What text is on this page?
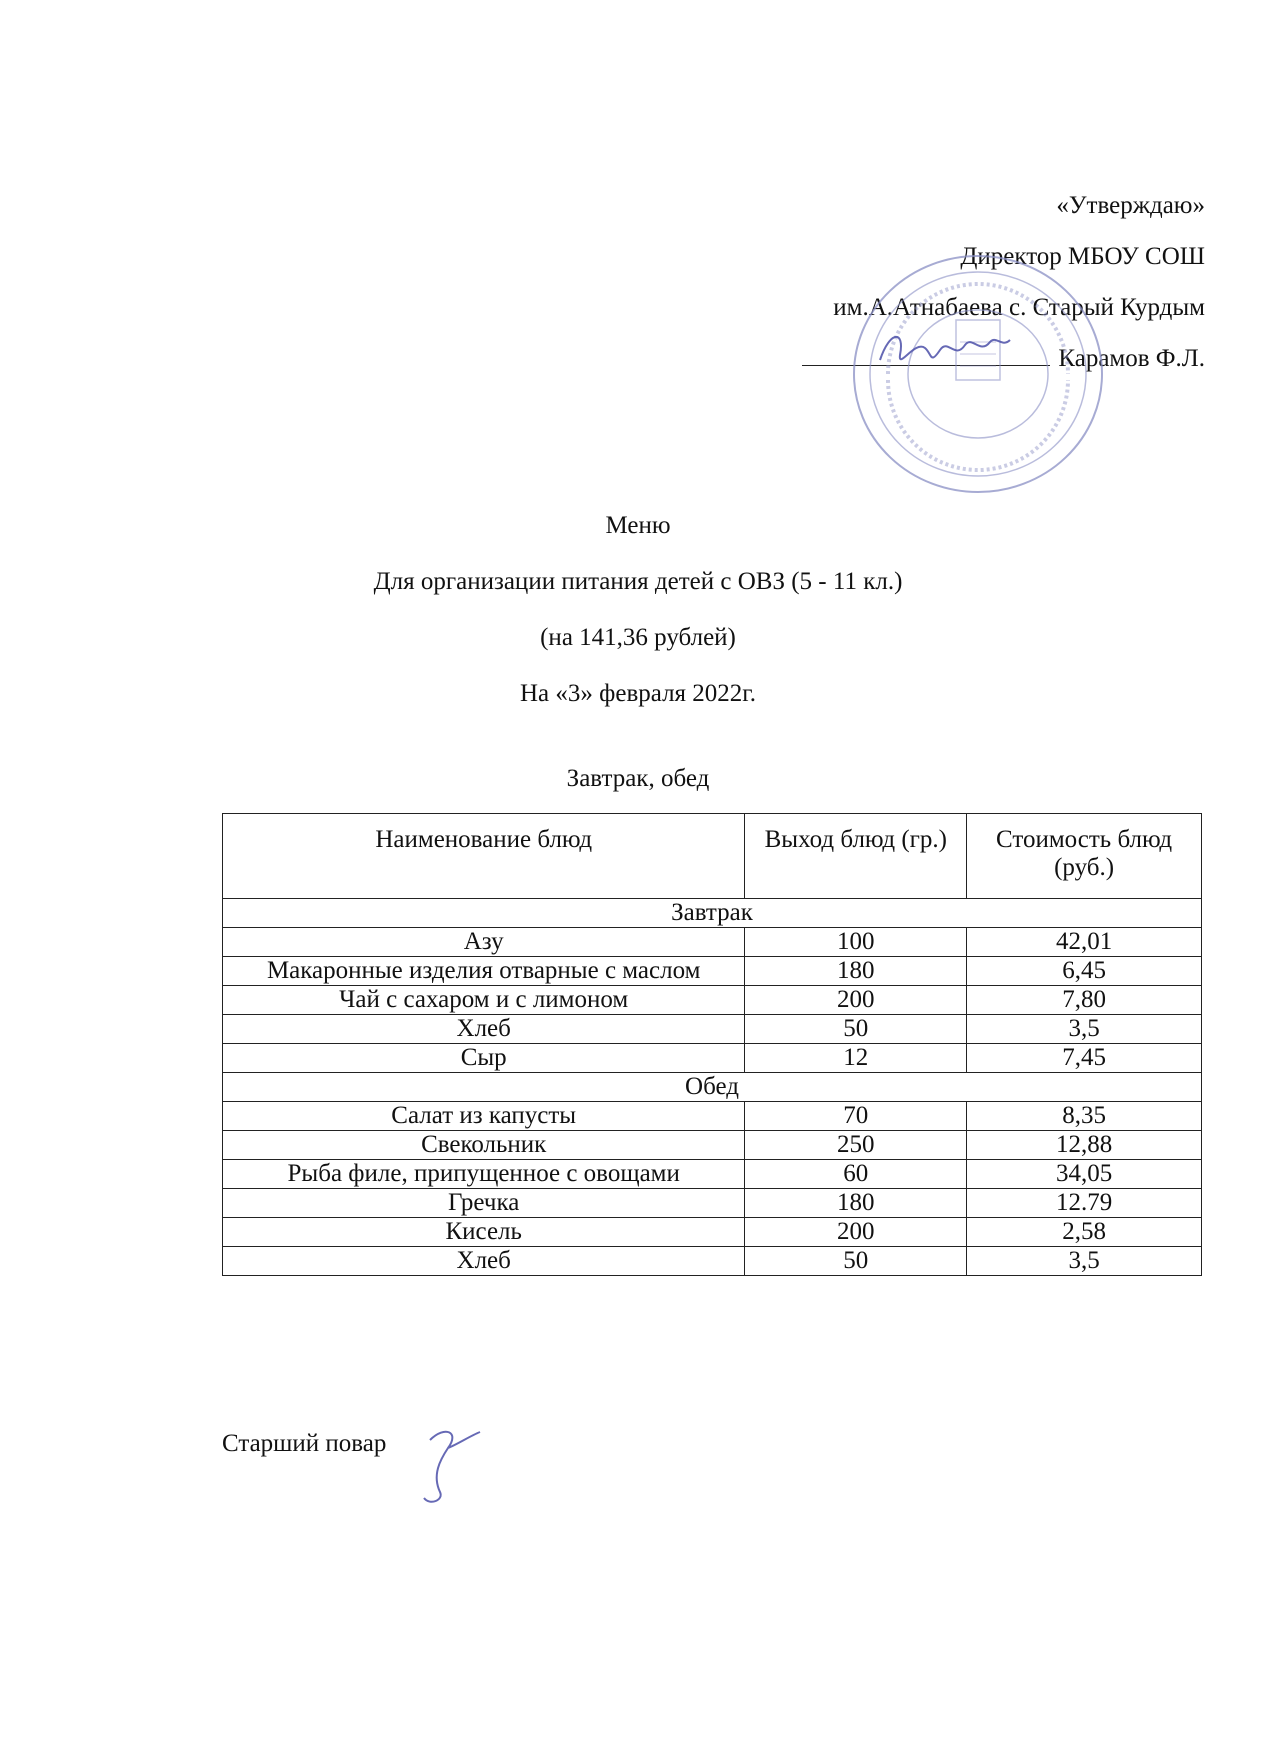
«Утверждаю»
Директор МБОУ СОШ
им.А.Атнабаева с. Старый Курдым
Карамов Ф.Л.
Меню
Для организации питания детей с ОВЗ (5 - 11 кл.)
(на 141,36 рублей)
На «3» февраля 2022г.
Завтрак, обед
Наименование блюд	Выход блюд (гр.)	Стоимость блюд (руб.)
Завтрак		
Азу	100	42,01
Макаронные изделия отварные с маслом	180	6,45
Чай с сахаром и с лимоном	200	7,80
Хлеб	50	3,5
Сыр	12	7,45
Обед		
Салат из капусты	70	8,35
Свекольник	250	12,88
Рыба филе, припущенное с овощами	60	34,05
Гречка	180	12.79
Кисель	200	2,58
Хлеб	50	3,5
Старший повар
